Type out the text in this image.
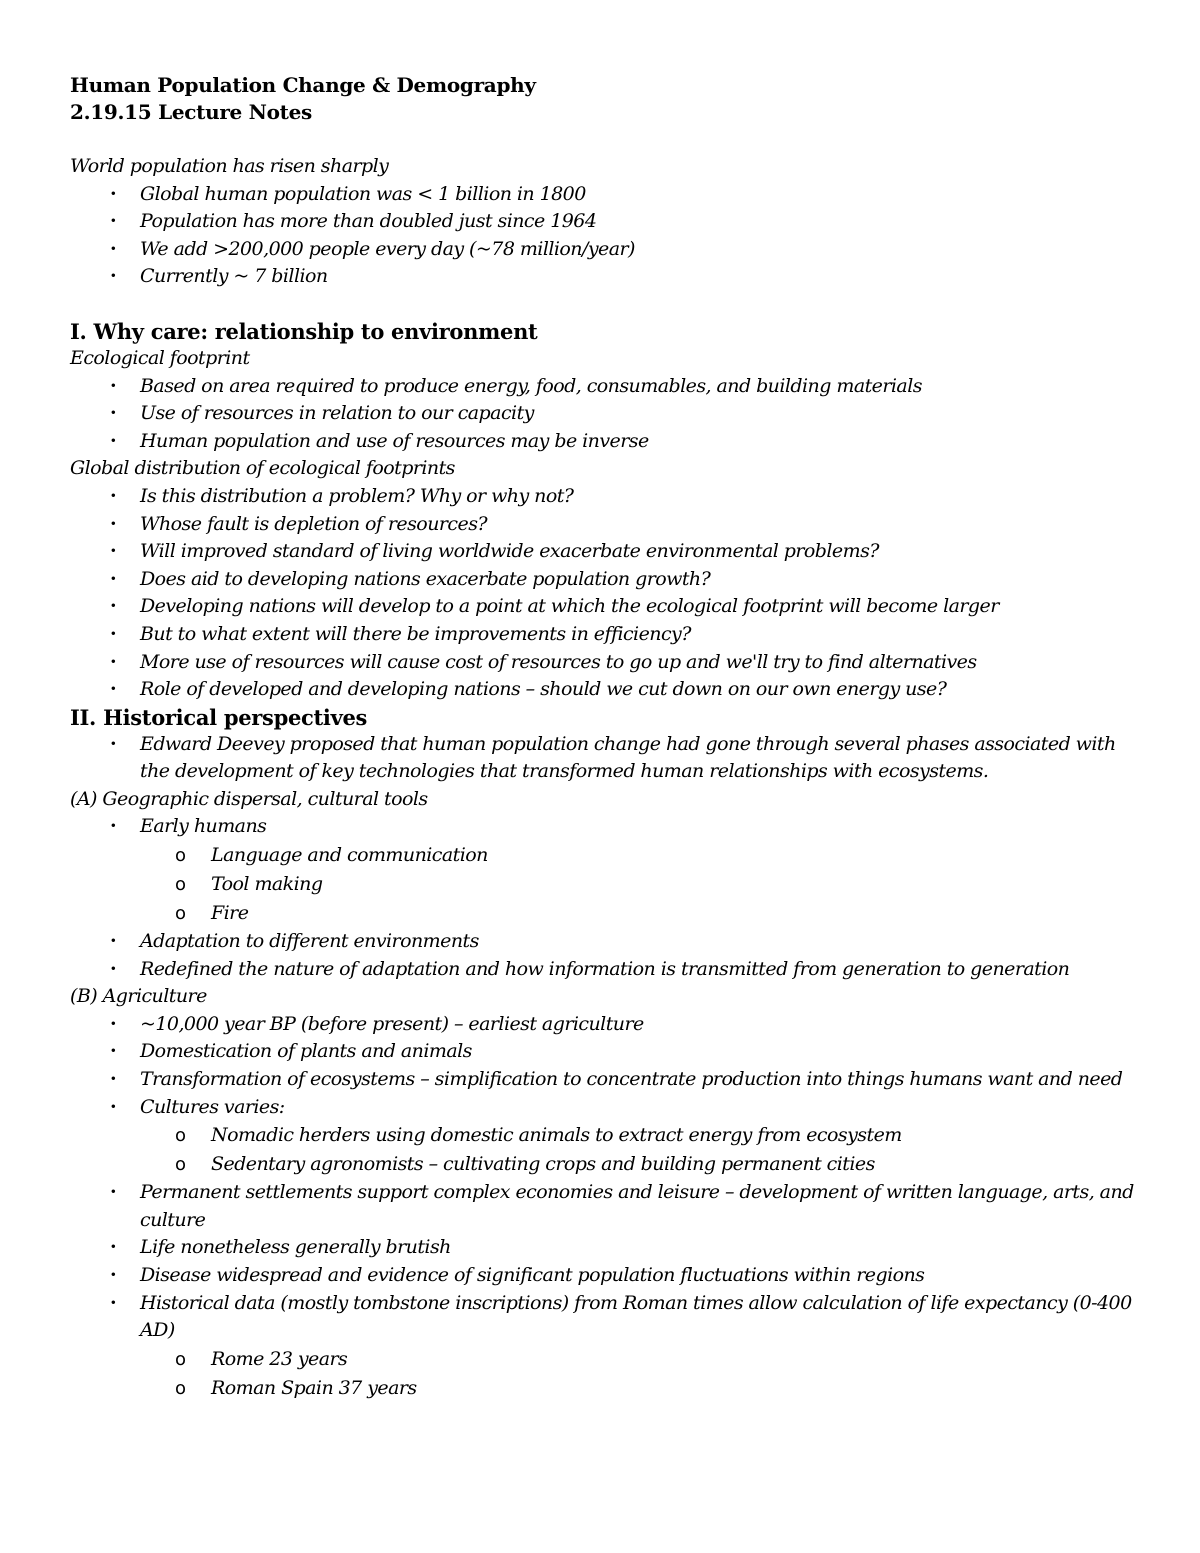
Human Population Change & Demography
2.19.15 Lecture Notes
World population has risen sharply
· Global human population was < 1 billion in 1800
· Population has more than doubled just since 1964
· We add >200,000 people every day (~78 million/year)
· Currently ~ 7 billion
I. Why care: relationship to environment
Ecological footprint
· Based on area required to produce energy, food, consumables, and building materials
· Use of resources in relation to our capacity
· Human population and use of resources may be inverse
Global distribution of ecological footprints
· Is this distribution a problem? Why or why not?
· Whose fault is depletion of resources?
· Will improved standard of living worldwide exacerbate environmental problems?
· Does aid to developing nations exacerbate population growth?
· Developing nations will develop to a point at which the ecological footprint will become larger
· But to what extent will there be improvements in efficiency?
· More use of resources will cause cost of resources to go up and we'll try to find alternatives
· Role of developed and developing nations – should we cut down on our own energy use?
II. Historical perspectives
· Edward Deevey proposed that human population change had gone through several phases associated with the development of key technologies that transformed human relationships with ecosystems.
(A) Geographic dispersal, cultural tools
· Early humans
o Language and communication
o Tool making
o Fire
· Adaptation to different environments
· Redefined the nature of adaptation and how information is transmitted from generation to generation
(B) Agriculture
· ~10,000 year BP (before present) – earliest agriculture
· Domestication of plants and animals
· Transformation of ecosystems – simplification to concentrate production into things humans want and need
· Cultures varies:
o Nomadic herders using domestic animals to extract energy from ecosystem
o Sedentary agronomists – cultivating crops and building permanent cities
· Permanent settlements support complex economies and leisure – development of written language, arts, and culture
· Life nonetheless generally brutish
· Disease widespread and evidence of significant population fluctuations within regions
· Historical data (mostly tombstone inscriptions) from Roman times allow calculation of life expectancy (0-400 AD)
o Rome 23 years
o Roman Spain 37 years
